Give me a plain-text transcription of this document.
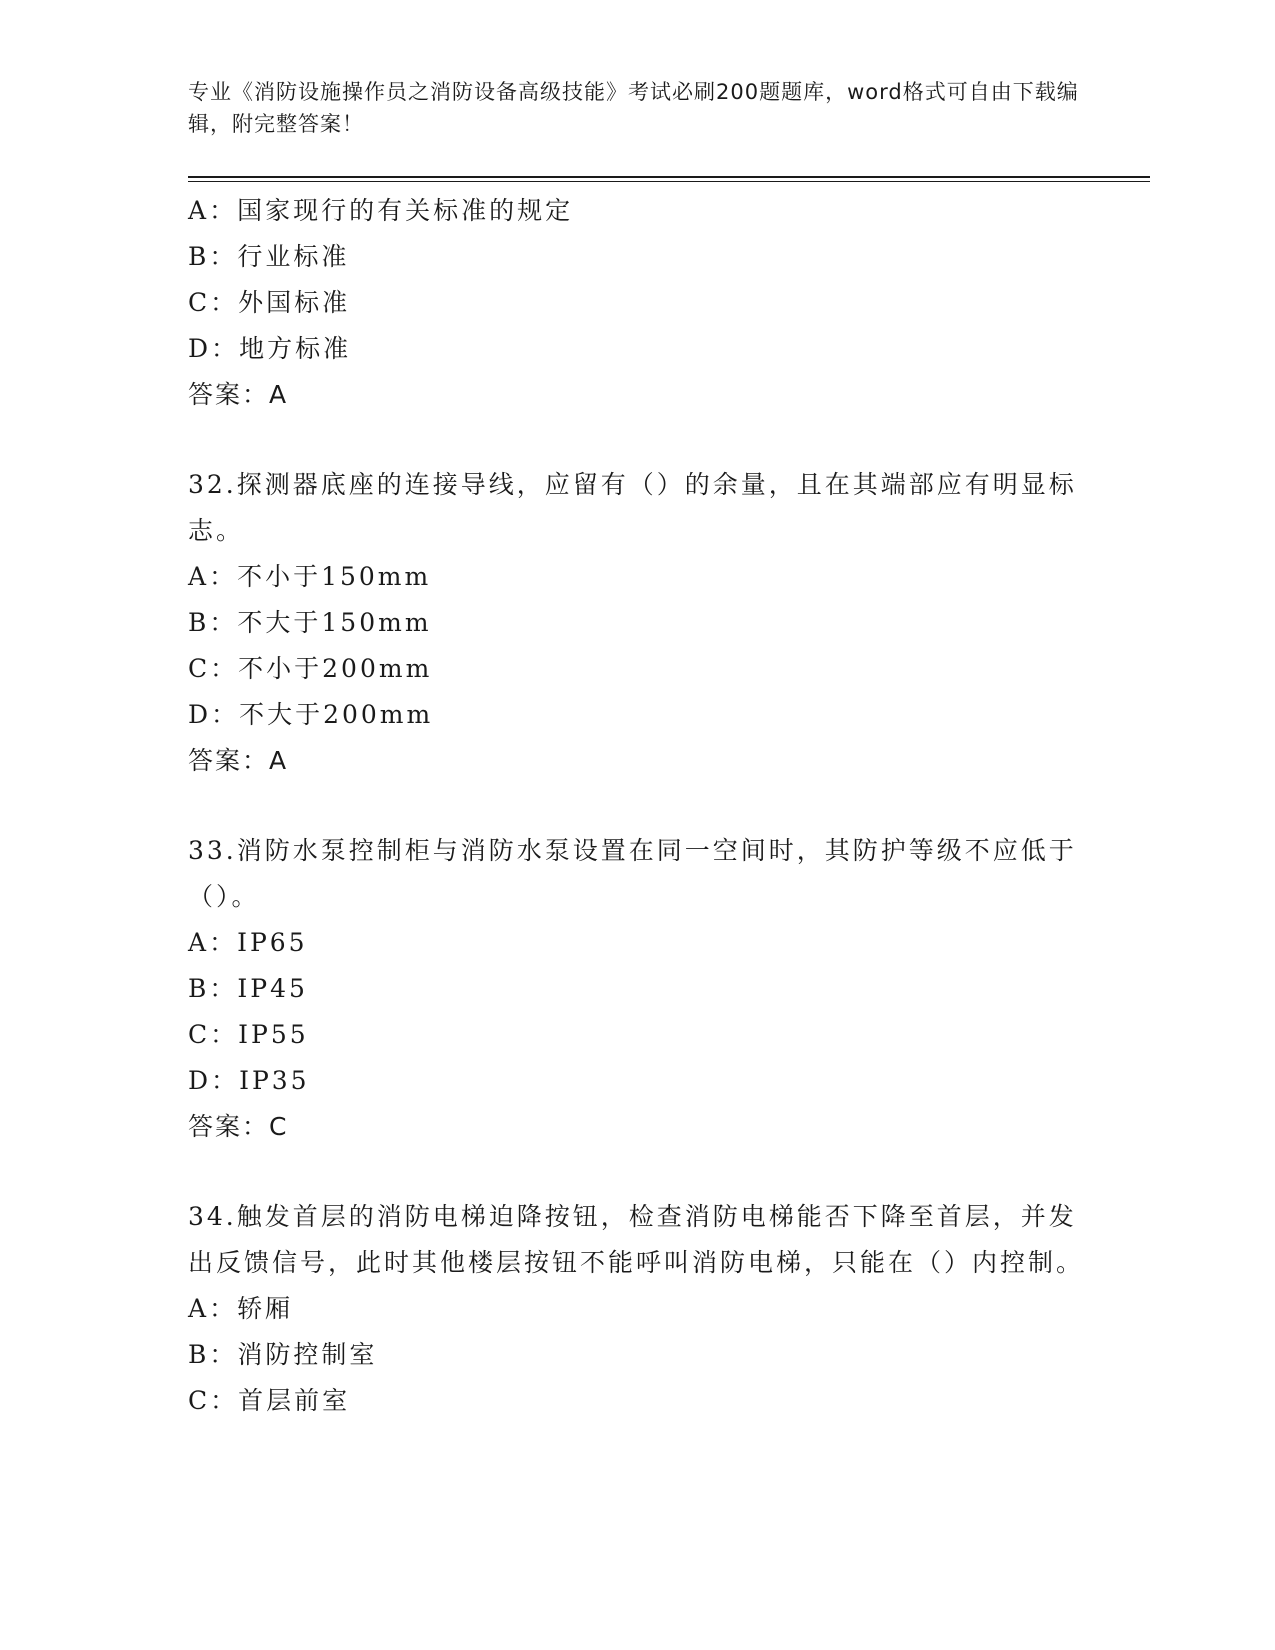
专业《消防设施操作员之消防设备高级技能》考试必刷200题题库，word格式可自由下载编辑，附完整答案！
A：国家现行的有关标准的规定
B：行业标准
C：外国标准
D：地方标准
答案：A
32.探测器底座的连接导线，应留有（）的余量，且在其端部应有明显标志。
A：不小于150mm
B：不大于150mm
C：不小于200mm
D：不大于200mm
答案：A
33.消防水泵控制柜与消防水泵设置在同一空间时，其防护等级不应低于（）。
A：IP65
B：IP45
C：IP55
D：IP35
答案：C
34.触发首层的消防电梯迫降按钮，检查消防电梯能否下降至首层，并发出反馈信号，此时其他楼层按钮不能呼叫消防电梯，只能在（）内控制。
A：轿厢
B：消防控制室
C：首层前室
